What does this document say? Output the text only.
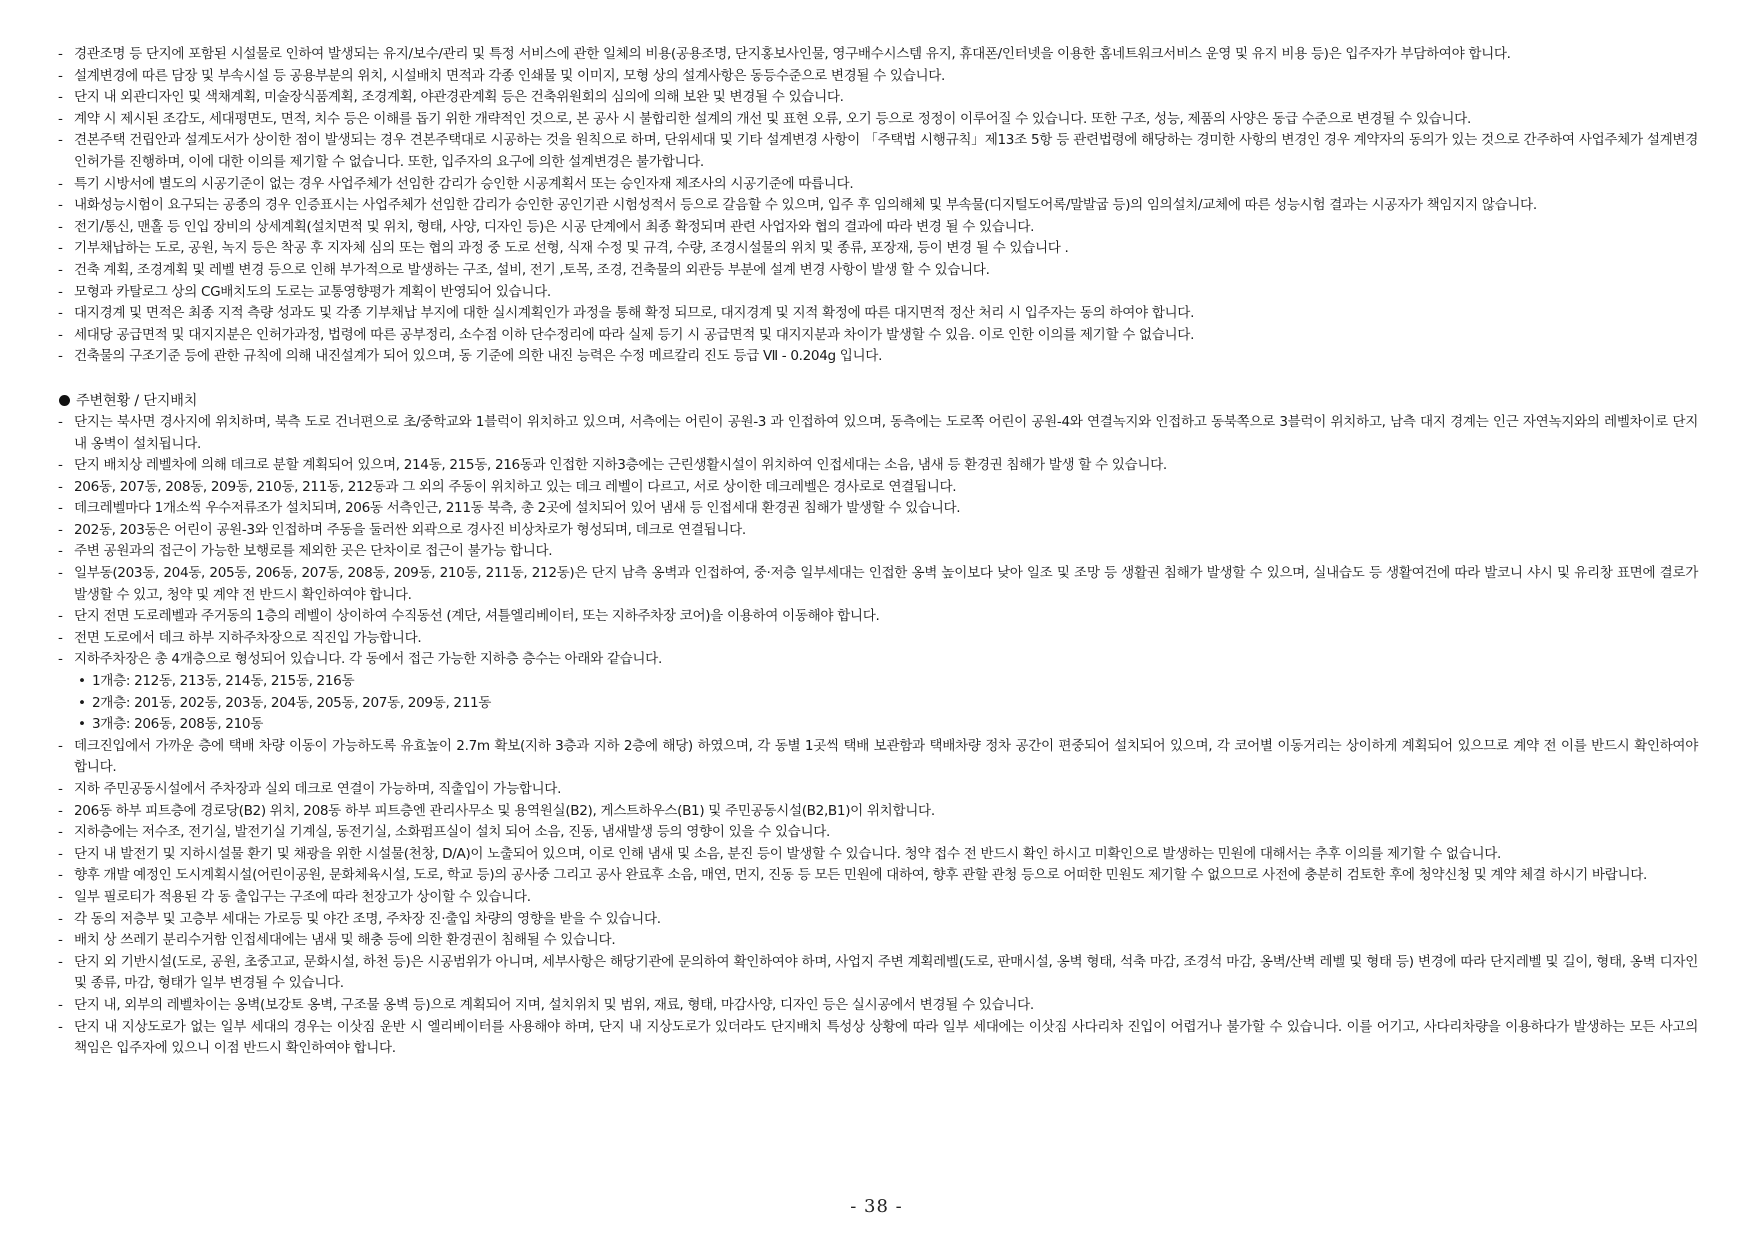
- 경관조명 등 단지에 포함된 시설물로 인하여 발생되는 유지/보수/관리 및 특정 서비스에 관한 일체의 비용(공용조명, 단지홍보사인물, 영구배수시스템 유지, 휴대폰/인터넷을 이용한 홈네트워크서비스 운영 및 유지 비용 등)은 입주자가 부담하여야 합니다.
- 설계변경에 따른 담장 및 부속시설 등 공용부분의 위치, 시설배치 면적과 각종 인쇄물 및 이미지, 모형 상의 설계사항은 동등수준으로 변경될 수 있습니다.
- 단지 내 외관디자인 및 색채계획, 미술장식품계획, 조경계획, 야관경관계획 등은 건축위원회의 심의에 의해 보완 및 변경될 수 있습니다.
- 계약 시 제시된 조감도, 세대평면도, 면적, 치수 등은 이해를 돕기 위한 개략적인 것으로, 본 공사 시 불합리한 설계의 개선 및 표현 오류, 오기 등으로 정정이 이루어질 수 있습니다. 또한 구조, 성능, 제품의 사양은 동급 수준으로 변경될 수 있습니다.
- 견본주택 건립안과 설계도서가 상이한 점이 발생되는 경우 견본주택대로 시공하는 것을 원칙으로 하며, 단위세대 및 기타 설계변경 사항이 「주택법 시행규칙」제13조 5항 등 관련법령에 해당하는 경미한 사항의 변경인 경우 계약자의 동의가 있는 것으로 간주하여 사업주체가 설계변경 인허가를 진행하며, 이에 대한 이의를 제기할 수 없습니다. 또한, 입주자의 요구에 의한 설계변경은 불가합니다.
- 특기 시방서에 별도의 시공기준이 없는 경우 사업주체가 선임한 감리가 승인한 시공계획서 또는 승인자재 제조사의 시공기준에 따릅니다.
- 내화성능시험이 요구되는 공종의 경우 인증표시는 사업주체가 선임한 감리가 승인한 공인기관 시험성적서 등으로 갈음할 수 있으며, 입주 후 임의해체 및 부속물(디지털도어록/말발굽 등)의 임의설치/교체에 따른 성능시험 결과는 시공자가 책임지지 않습니다.
- 전기/통신, 맨홀 등 인입 장비의 상세계획(설치면적 및 위치, 형태, 사양, 디자인 등)은 시공 단계에서 최종 확정되며 관련 사업자와 협의 결과에 따라 변경 될 수 있습니다.
- 기부채납하는 도로, 공원, 녹지 등은 착공 후 지자체 심의 또는 협의 과정 중 도로 선형, 식재 수정 및 규격, 수량, 조경시설물의 위치 및 종류, 포장재, 등이 변경 될 수 있습니다 .
- 건축 계획, 조경계획 및 레벨 변경 등으로 인해 부가적으로 발생하는 구조, 설비, 전기 ,토목, 조경, 건축물의 외관등 부분에 설계 변경 사항이 발생 할 수 있습니다.
- 모형과 카탈로그 상의 CG배치도의 도로는 교통영향평가 계획이 반영되어 있습니다.
- 대지경계 및 면적은 최종 지적 측량 성과도 및 각종 기부채납 부지에 대한 실시계획인가 과정을 통해 확정 되므로, 대지경계 및 지적 확정에 따른 대지면적 정산 처리 시 입주자는 동의 하여야 합니다.
- 세대당 공급면적 및 대지지분은 인허가과정, 법령에 따른 공부정리, 소수점 이하 단수정리에 따라 실제 등기 시 공급면적 및 대지지분과 차이가 발생할 수 있음. 이로 인한 이의를 제기할 수 없습니다.
- 건축물의 구조기준 등에 관한 규칙에 의해 내진설계가 되어 있으며, 동 기준에 의한 내진 능력은 수정 메르칼리 진도 등급 Ⅶ - 0.204g 입니다.
주변현황 / 단지배치
- 단지는 북사면 경사지에 위치하며, 북측 도로 건너편으로 초/중학교와 1블럭이 위치하고 있으며, 서측에는 어린이 공원-3 과 인접하여 있으며, 동측에는 도로쪽 어린이 공원-4와 연결녹지와 인접하고 동북쪽으로 3블럭이 위치하고, 남측 대지 경계는 인근 자연녹지와의 레벨차이로 단지 내 옹벽이 설치됩니다.
- 단지 배치상 레벨차에 의해 데크로 분할 계획되어 있으며, 214동, 215동, 216동과 인접한 지하3층에는 근린생활시설이 위치하여 인접세대는 소음, 냄새 등 환경권 침해가 발생 할 수 있습니다.
- 206동, 207동, 208동, 209동, 210동, 211동, 212동과 그 외의 주동이 위치하고 있는 데크 레벨이 다르고, 서로 상이한 데크레벨은 경사로로 연결됩니다.
- 데크레벨마다 1개소씩 우수저류조가 설치되며, 206동 서측인근, 211동 북측, 총 2곳에 설치되어 있어 냄새 등 인접세대 환경권 침해가 발생할 수 있습니다.
- 202동, 203동은 어린이 공원-3와 인접하며 주동을 둘러싼 외곽으로 경사진 비상차로가 형성되며, 데크로 연결됩니다.
- 주변 공원과의 접근이 가능한 보행로를 제외한 곳은 단차이로 접근이 불가능 합니다.
- 일부동(203동, 204동, 205동, 206동, 207동, 208동, 209동, 210동, 211동, 212동)은 단지 남측 옹벽과 인접하여, 중·저층 일부세대는 인접한 옹벽 높이보다 낮아 일조 및 조망 등 생활권 침해가 발생할 수 있으며, 실내습도 등 생활여건에 따라 발코니 샤시 및 유리창 표면에 결로가 발생할 수 있고, 청약 및 계약 전 반드시 확인하여야 합니다.
- 단지 전면 도로레벨과 주거동의 1층의 레벨이 상이하여 수직동선 (계단, 셔틀엘리베이터, 또는 지하주차장 코어)을 이용하여 이동해야 합니다.
- 전면 도로에서 데크 하부 지하주차장으로 직진입 가능합니다.
- 지하주차장은 총 4개층으로 형성되어 있습니다. 각 동에서 접근 가능한 지하층 층수는 아래와 같습니다.
• 1개층: 212동, 213동, 214동, 215동, 216동
• 2개층: 201동, 202동, 203동, 204동, 205동, 207동, 209동, 211동
• 3개층: 206동, 208동, 210동
- 데크진입에서 가까운 층에 택배 차량 이동이 가능하도록 유효높이 2.7m 확보(지하 3층과 지하 2층에 해당) 하였으며, 각 동별 1곳씩 택배 보관함과 택배차량 정차 공간이 편중되어 설치되어 있으며, 각 코어별 이동거리는 상이하게 계획되어 있으므로 계약 전 이를 반드시 확인하여야 합니다.
- 지하 주민공동시설에서 주차장과 실외 데크로 연결이 가능하며, 직출입이 가능합니다.
- 206동 하부 피트층에 경로당(B2) 위치, 208동 하부 피트층엔 관리사무소 및 용역원실(B2), 게스트하우스(B1) 및 주민공동시설(B2,B1)이 위치합니다.
- 지하층에는 저수조, 전기실, 발전기실 기계실, 동전기실, 소화펌프실이 설치 되어 소음, 진동, 냄새발생 등의 영향이 있을 수 있습니다.
- 단지 내 발전기 및 지하시설물 환기 및 채광을 위한 시설물(천창, D/A)이 노출되어 있으며, 이로 인해 냄새 및 소음, 분진 등이 발생할 수 있습니다. 청약 접수 전 반드시 확인 하시고 미확인으로 발생하는 민원에 대해서는 추후 이의를 제기할 수 없습니다.
- 향후 개발 예정인 도시계획시설(어린이공원, 문화체육시설, 도로, 학교 등)의 공사중 그리고 공사 완료후 소음, 매연, 먼지, 진동 등 모든 민원에 대하여, 향후 관할 관청 등으로 어떠한 민원도 제기할 수 없으므로 사전에 충분히 검토한 후에 청약신청 및 계약 체결 하시기 바랍니다.
- 일부 필로티가 적용된 각 동 출입구는 구조에 따라 천장고가 상이할 수 있습니다.
- 각 동의 저층부 및 고층부 세대는 가로등 및 야간 조명, 주차장 진·출입 차량의 영향을 받을 수 있습니다.
- 배치 상 쓰레기 분리수거함 인접세대에는 냄새 및 해충 등에 의한 환경권이 침해될 수 있습니다.
- 단지 외 기반시설(도로, 공원, 초중고교, 문화시설, 하천 등)은 시공범위가 아니며, 세부사항은 해당기관에 문의하여 확인하여야 하며, 사업지 주변 계획레벨(도로, 판매시설, 옹벽 형태, 석축 마감, 조경석 마감, 옹벽/산벽 레벨 및 형태 등) 변경에 따라 단지레벨 및 길이, 형태, 옹벽 디자인 및 종류, 마감, 형태가 일부 변경될 수 있습니다.
- 단지 내, 외부의 레벨차이는 옹벽(보강토 옹벽, 구조물 옹벽 등)으로 계획되어 지며, 설치위치 및 범위, 재료, 형태, 마감사양, 디자인 등은 실시공에서 변경될 수 있습니다.
- 단지 내 지상도로가 없는 일부 세대의 경우는 이삿짐 운반 시 엘리베이터를 사용해야 하며, 단지 내 지상도로가 있더라도 단지배치 특성상 상황에 따라 일부 세대에는 이삿짐 사다리차 진입이 어렵거나 불가할 수 있습니다. 이를 어기고, 사다리차량을 이용하다가 발생하는 모든 사고의 책임은 입주자에 있으니 이점 반드시 확인하여야 합니다.
- 38 -
